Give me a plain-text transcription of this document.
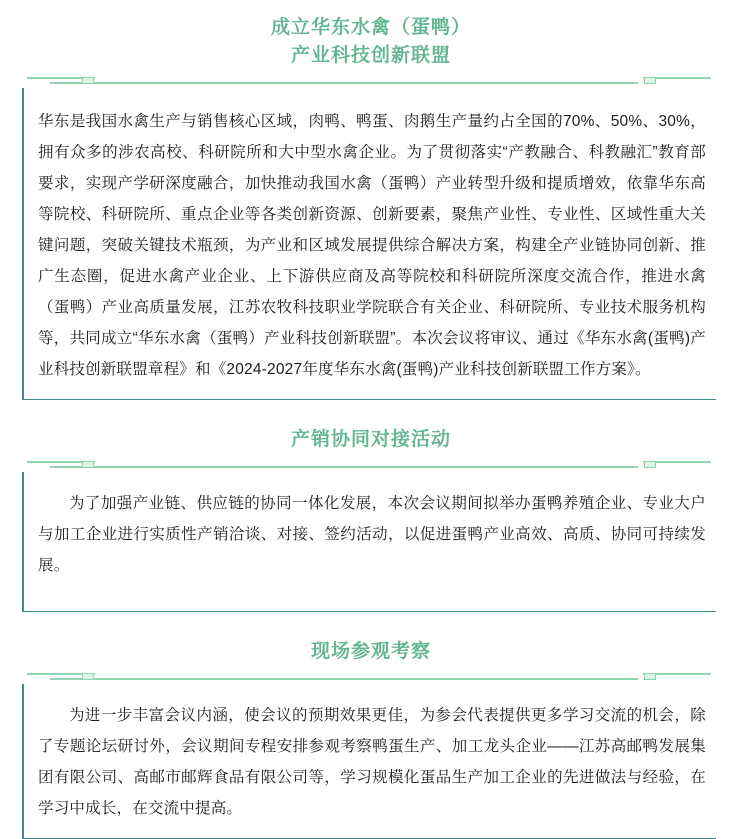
成立华东水禽（蛋鸭）
产业科技创新联盟

华东是我国水禽生产与销售核心区域，肉鸭、鸭蛋、肉鹅生产量约占全国的70%、50%、30%，拥有众多的涉农高校、科研院所和大中型水禽企业。为了贯彻落实“产教融合、科教融汇”教育部要求，实现产学研深度融合，加快推动我国水禽（蛋鸭）产业转型升级和提质增效，依靠华东高等院校、科研院所、重点企业等各类创新资源、创新要素，聚焦产业性、专业性、区域性重大关键问题，突破关键技术瓶颈，为产业和区域发展提供综合解决方案，构建全产业链协同创新、推广生态圈，促进水禽产业企业、上下游供应商及高等院校和科研院所深度交流合作，推进水禽（蛋鸭）产业高质量发展，江苏农牧科技职业学院联合有关企业、科研院所、专业技术服务机构等，共同成立“华东水禽（蛋鸭）产业科技创新联盟”。本次会议将审议、通过《华东水禽(蛋鸭)产业科技创新联盟章程》和《2024-2027年度华东水禽(蛋鸭)产业科技创新联盟工作方案》。

产销协同对接活动

为了加强产业链、供应链的协同一体化发展，本次会议期间拟举办蛋鸭养殖企业、专业大户与加工企业进行实质性产销洽谈、对接、签约活动，以促进蛋鸭产业高效、高质、协同可持续发展。

现场参观考察

为进一步丰富会议内涵，使会议的预期效果更佳，为参会代表提供更多学习交流的机会，除了专题论坛研讨外，会议期间专程安排参观考察鸭蛋生产、加工龙头企业——江苏高邮鸭发展集团有限公司、高邮市邮辉食品有限公司等，学习规模化蛋品生产加工企业的先进做法与经验，在学习中成长，在交流中提高。
